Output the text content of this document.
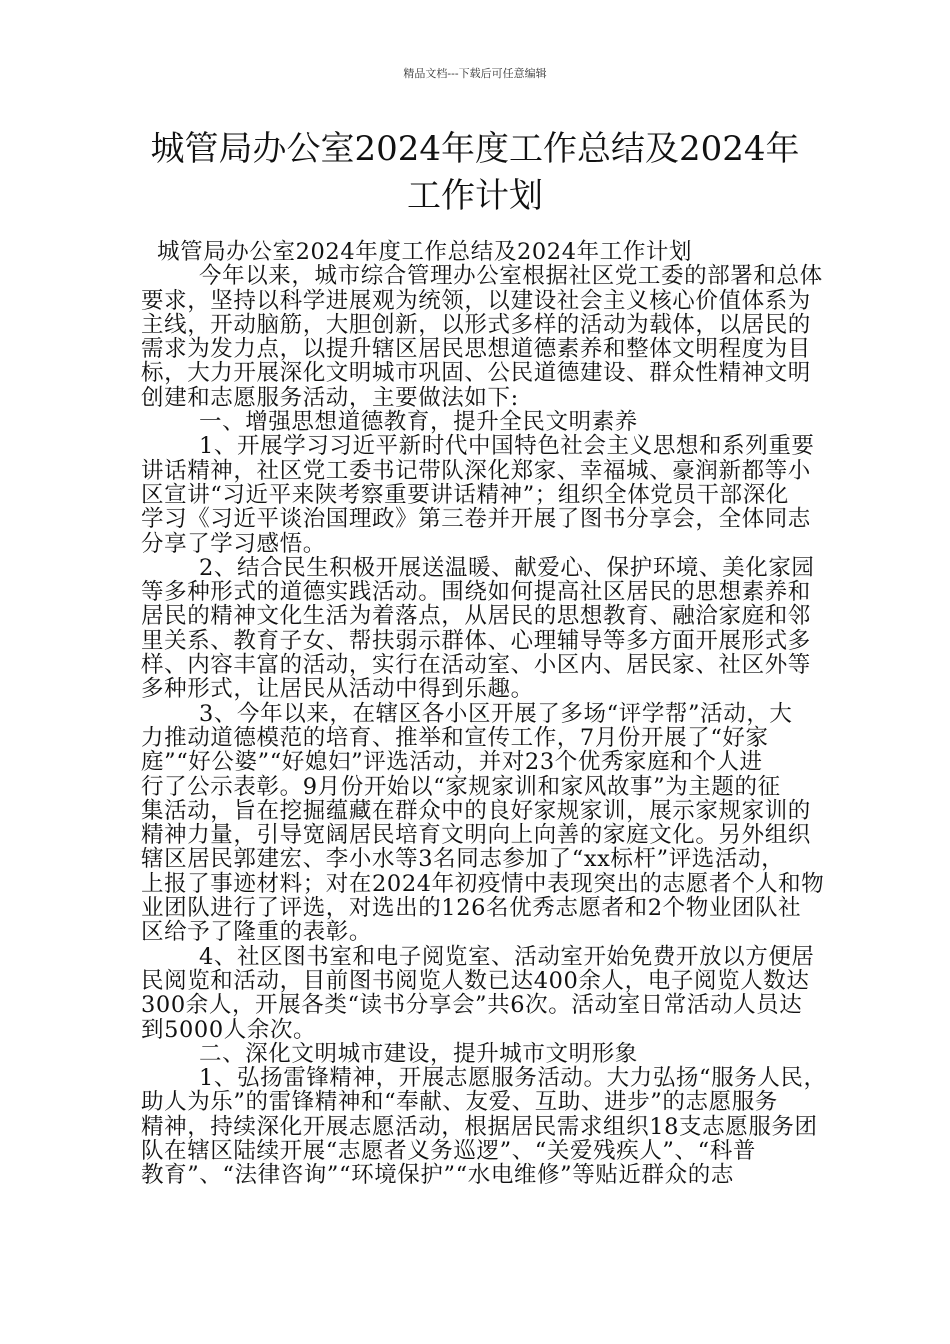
精品文档---下载后可任意编辑
城管局办公室2024年度工作总结及2024年
工作计划
城管局办公室2024年度工作总结及2024年工作计划
今年以来，城市综合管理办公室根据社区党工委的部署和总体
要求，坚持以科学进展观为统领，以建设社会主义核心价值体系为
主线，开动脑筋，大胆创新，以形式多样的活动为载体，以居民的
需求为发力点，以提升辖区居民思想道德素养和整体文明程度为目
标，大力开展深化文明城市巩固、公民道德建设、群众性精神文明
创建和志愿服务活动，主要做法如下:
一、增强思想道德教育，提升全民文明素养
1、开展学习习近平新时代中国特色社会主义思想和系列重要
讲话精神，社区党工委书记带队深化郑家、幸福城、豪润新都等小
区宣讲“习近平来陕考察重要讲话精神”；组织全体党员干部深化
学习《习近平谈治国理政》第三卷并开展了图书分享会，全体同志
分享了学习感悟。
2、结合民生积极开展送温暖、献爱心、保护环境、美化家园
等多种形式的道德实践活动。围绕如何提高社区居民的思想素养和
居民的精神文化生活为着落点，从居民的思想教育、融洽家庭和邻
里关系、教育子女、帮扶弱示群体、心理辅导等多方面开展形式多
样、内容丰富的活动，实行在活动室、小区内、居民家、社区外等
多种形式，让居民从活动中得到乐趣。
3、今年以来，在辖区各小区开展了多场“评学帮”活动，大
力推动道德模范的培育、推举和宣传工作，7月份开展了“好家
庭”“好公婆”“好媳妇”评选活动，并对23个优秀家庭和个人进
行了公示表彰。9月份开始以“家规家训和家风故事”为主题的征
集活动，旨在挖掘蕴藏在群众中的良好家规家训，展示家规家训的
精神力量，引导宽阔居民培育文明向上向善的家庭文化。另外组织
辖区居民郭建宏、李小水等3名同志参加了“xx标杆”评选活动，
上报了事迹材料；对在2024年初疫情中表现突出的志愿者个人和物
业团队进行了评选，对选出的126名优秀志愿者和2个物业团队社
区给予了隆重的表彰。
4、社区图书室和电子阅览室、活动室开始免费开放以方便居
民阅览和活动，目前图书阅览人数已达400余人，电子阅览人数达
300余人，开展各类“读书分享会”共6次。活动室日常活动人员达
到5000人余次。
二、深化文明城市建设，提升城市文明形象
1、弘扬雷锋精神，开展志愿服务活动。大力弘扬“服务人民，
助人为乐”的雷锋精神和“奉献、友爱、互助、进步”的志愿服务
精神，持续深化开展志愿活动，根据居民需求组织18支志愿服务团
队在辖区陆续开展“志愿者义务巡逻”、“关爱残疾人”、“科普
教育”、“法律咨询”“环境保护”“水电维修”等贴近群众的志
